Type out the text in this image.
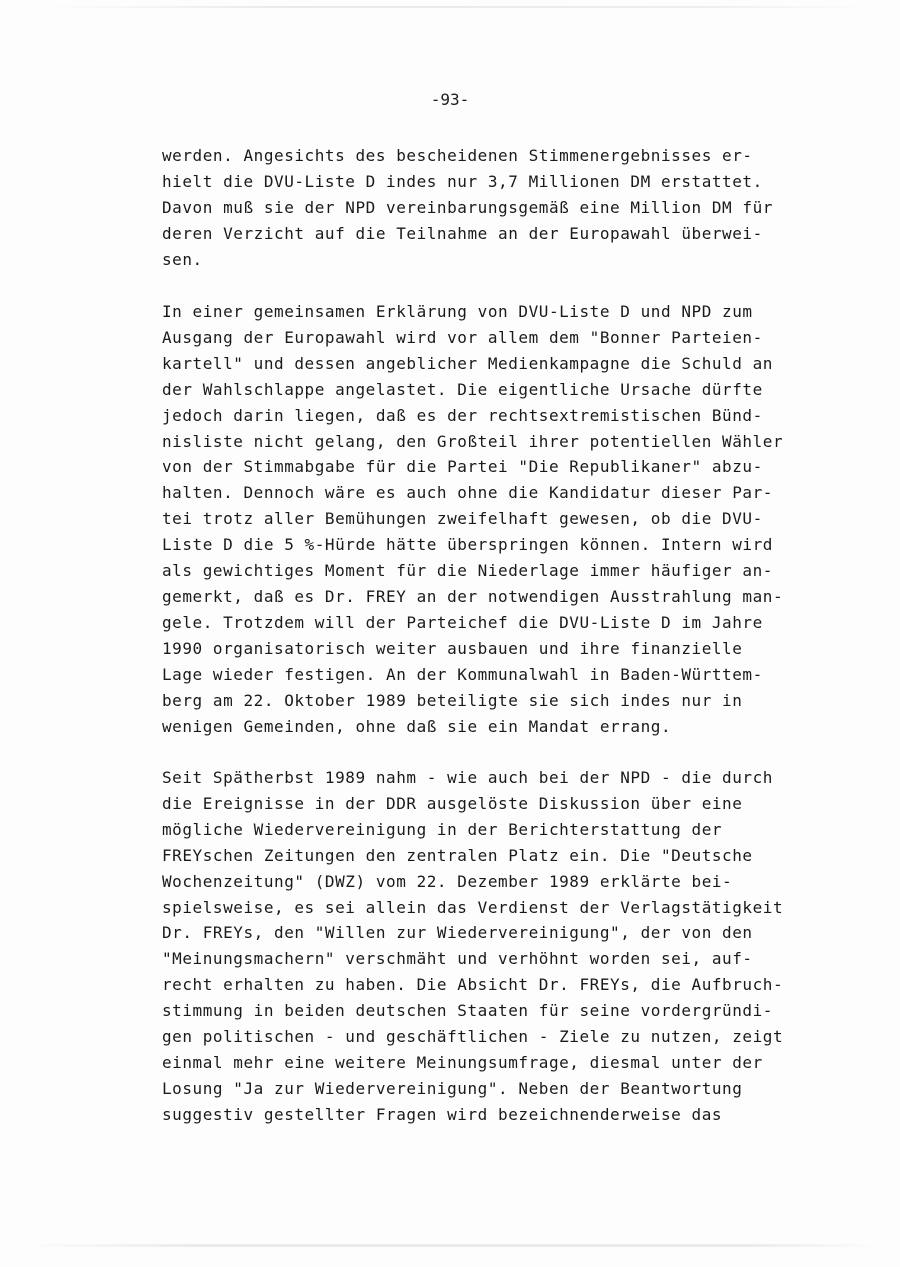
-93-
werden. Angesichts des bescheidenen Stimmenergebnisses er-
hielt die DVU-Liste D indes nur 3,7 Millionen DM erstattet.
Davon muß sie der NPD vereinbarungsgemäß eine Million DM für
deren Verzicht auf die Teilnahme an der Europawahl überwei-
sen.
In einer gemeinsamen Erklärung von DVU-Liste D und NPD zum
Ausgang der Europawahl wird vor allem dem "Bonner Parteien-
kartell" und dessen angeblicher Medienkampagne die Schuld an
der Wahlschlappe angelastet. Die eigentliche Ursache dürfte
jedoch darin liegen, daß es der rechtsextremistischen Bünd-
nisliste nicht gelang, den Großteil ihrer potentiellen Wähler
von der Stimmabgabe für die Partei "Die Republikaner" abzu-
halten. Dennoch wäre es auch ohne die Kandidatur dieser Par-
tei trotz aller Bemühungen zweifelhaft gewesen, ob die DVU-
Liste D die 5 %-Hürde hätte überspringen können. Intern wird
als gewichtiges Moment für die Niederlage immer häufiger an-
gemerkt, daß es Dr. FREY an der notwendigen Ausstrahlung man-
gele. Trotzdem will der Parteichef die DVU-Liste D im Jahre
1990 organisatorisch weiter ausbauen und ihre finanzielle
Lage wieder festigen. An der Kommunalwahl in Baden-Württem-
berg am 22. Oktober 1989 beteiligte sie sich indes nur in
wenigen Gemeinden, ohne daß sie ein Mandat errang.
Seit Spätherbst 1989 nahm - wie auch bei der NPD - die durch
die Ereignisse in der DDR ausgelöste Diskussion über eine
mögliche Wiedervereinigung in der Berichterstattung der
FREYschen Zeitungen den zentralen Platz ein. Die "Deutsche
Wochenzeitung" (DWZ) vom 22. Dezember 1989 erklärte bei-
spielsweise, es sei allein das Verdienst der Verlagstätigkeit
Dr. FREYs, den "Willen zur Wiedervereinigung", der von den
"Meinungsmachern" verschmäht und verhöhnt worden sei, auf-
recht erhalten zu haben. Die Absicht Dr. FREYs, die Aufbruch-
stimmung in beiden deutschen Staaten für seine vordergründi-
gen politischen - und geschäftlichen - Ziele zu nutzen, zeigt
einmal mehr eine weitere Meinungsumfrage, diesmal unter der
Losung "Ja zur Wiedervereinigung". Neben der Beantwortung
suggestiv gestellter Fragen wird bezeichnenderweise das
